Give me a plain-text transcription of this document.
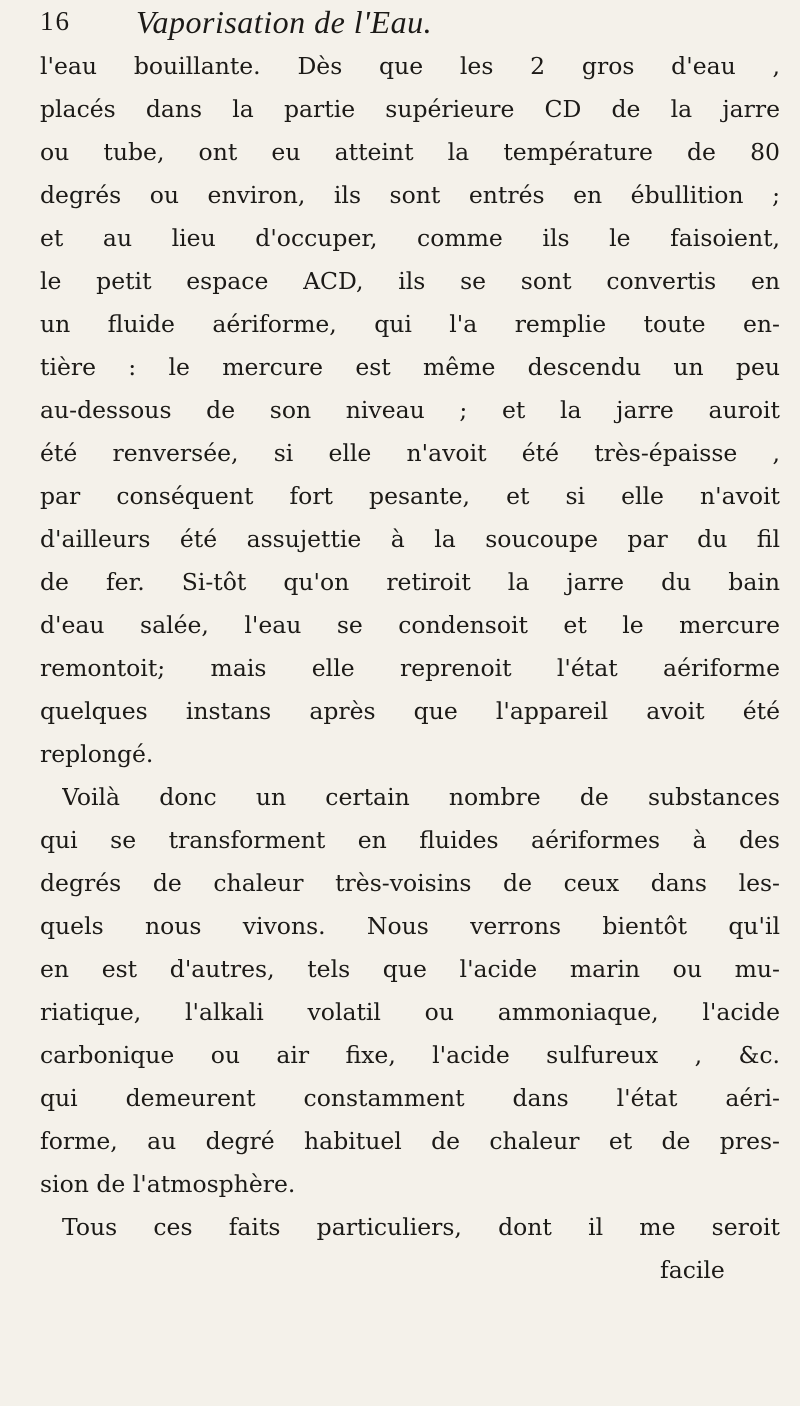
16 Vaporisation de l'Eau.
l'eau bouillante. Dès que les 2 gros d'eau ,
placés dans la partie supérieure CD de la jarre
ou tube, ont eu atteint la température de 80
degrés ou environ, ils sont entrés en ébullition ;
et au lieu d'occuper, comme ils le faisoient,
le petit espace ACD, ils se sont convertis en
un fluide aériforme, qui l'a remplie toute en-
tière : le mercure est même descendu un peu
au-dessous de son niveau ; et la jarre auroit
été renversée, si elle n'avoit été très-épaisse ,
par conséquent fort pesante, et si elle n'avoit
d'ailleurs été assujettie à la soucoupe par du fil
de fer. Si-tôt qu'on retiroit la jarre du bain
d'eau salée, l'eau se condensoit et le mercure
remontoit; mais elle reprenoit l'état aériforme
quelques instans après que l'appareil avoit été
replongé.
Voilà donc un certain nombre de substances
qui se transforment en fluides aériformes à des
degrés de chaleur très-voisins de ceux dans les-
quels nous vivons. Nous verrons bientôt qu'il
en est d'autres, tels que l'acide marin ou mu-
riatique, l'alkali volatil ou ammoniaque, l'acide
carbonique ou air fixe, l'acide sulfureux , &c.
qui demeurent constamment dans l'état aéri-
forme, au degré habituel de chaleur et de pres-
sion de l'atmosphère.
Tous ces faits particuliers, dont il me seroit
facile
